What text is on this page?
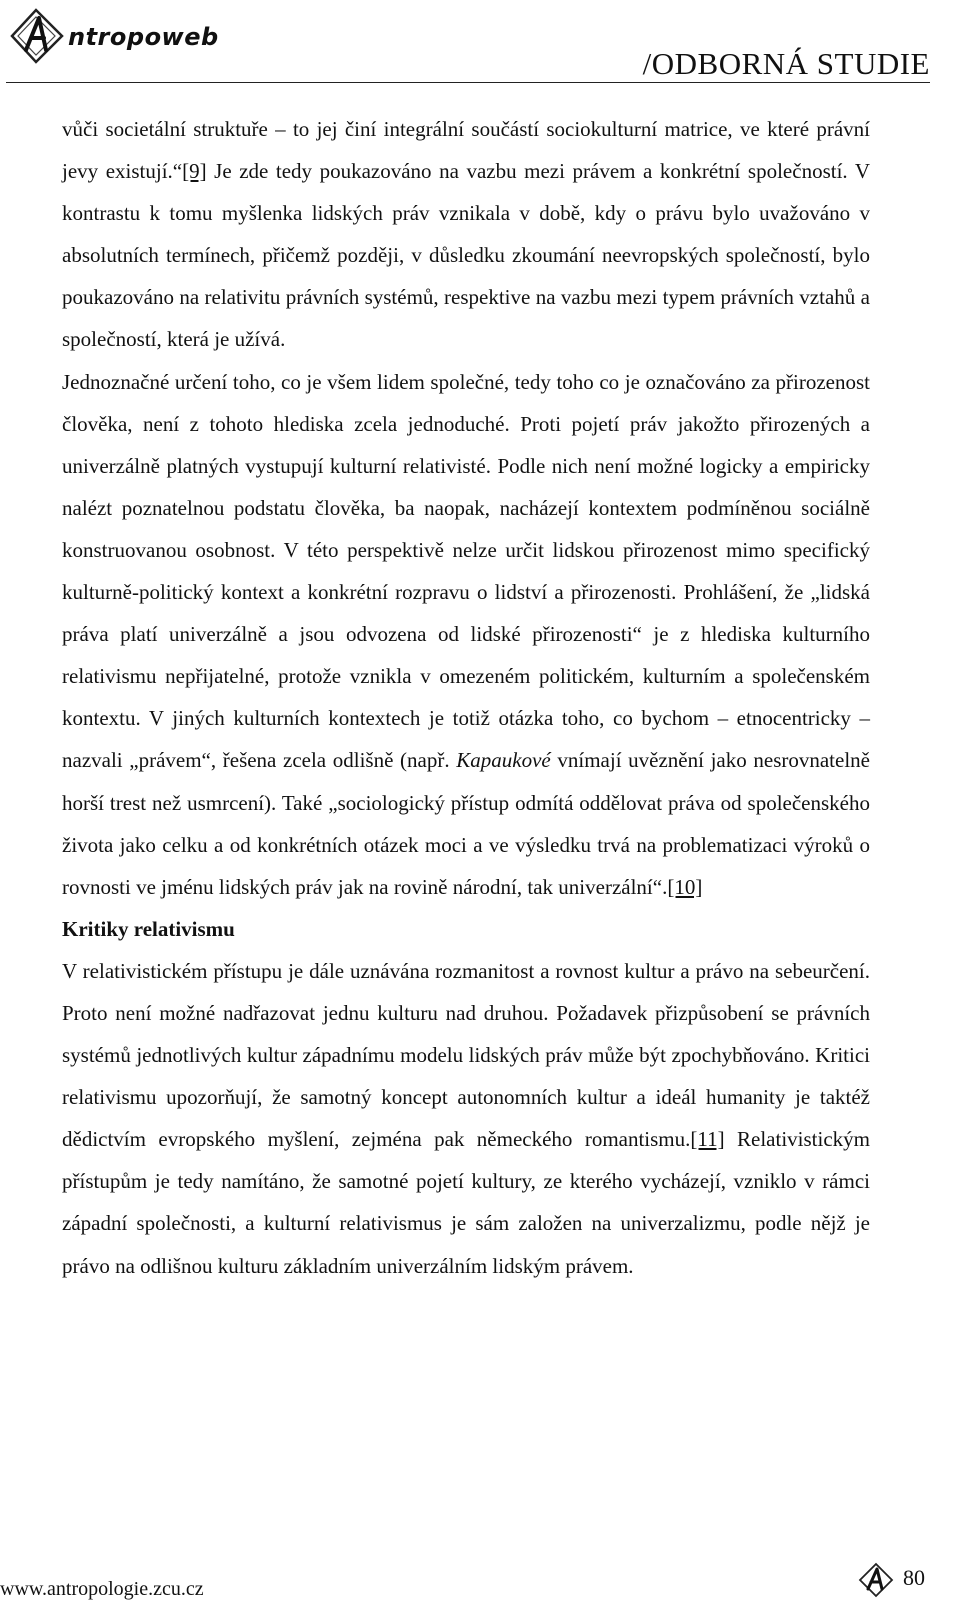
ntropoweb
/ODBORNÁ STUDIE

vůči societální struktuře – to jej činí integrální součástí sociokulturní matrice, ve které právní jevy existují.“[9] Je zde tedy poukazováno na vazbu mezi právem a konkrétní společností. V kontrastu k tomu myšlenka lidských práv vznikala v době, kdy o právu bylo uvažováno v absolutních termínech, přičemž později, v důsledku zkoumání neevropských společností, bylo poukazováno na relativitu právních systémů, respektive na vazbu mezi typem právních vztahů a společností, která je užívá.

Jednoznačné určení toho, co je všem lidem společné, tedy toho co je označováno za přirozenost člověka, není z tohoto hlediska zcela jednoduché. Proti pojetí práv jakožto přirozených a univerzálně platných vystupují kulturní relativisté. Podle nich není možné logicky a empiricky nalézt poznatelnou podstatu člověka, ba naopak, nacházejí kontextem podmíněnou sociálně konstruovanou osobnost. V této perspektivě nelze určit lidskou přirozenost mimo specifický kulturně-politický kontext a konkrétní rozpravu o lidství a přirozenosti. Prohlášení, že „lidská práva platí univerzálně a jsou odvozena od lidské přirozenosti“ je z hlediska kulturního relativismu nepřijatelné, protože vznikla v omezeném politickém, kulturním a společenském kontextu. V jiných kulturních kontextech je totiž otázka toho, co bychom – etnocentricky – nazvali „právem“, řešena zcela odlišně (např. Kapaukové vnímají uvěznění jako nesrovnatelně horší trest než usmrcení). Také „sociologický přístup odmítá oddělovat práva od společenského života jako celku a od konkrétních otázek moci a ve výsledku trvá na problematizaci výroků o rovnosti ve jménu lidských práv jak na rovině národní, tak univerzální“.[10]

Kritiky relativismu

V relativistickém přístupu je dále uznávána rozmanitost a rovnost kultur a právo na sebeurčení. Proto není možné nadřazovat jednu kulturu nad druhou. Požadavek přizpůsobení se právních systémů jednotlivých kultur západnímu modelu lidských práv může být zpochybňováno. Kritici relativismu upozorňují, že samotný koncept autonomních kultur a ideál humanity je taktéž dědictvím evropského myšlení, zejména pak německého romantismu.[11] Relativistickým přístupům je tedy namítáno, že samotné pojetí kultury, ze kterého vycházejí, vzniklo v rámci západní společnosti, a kulturní relativismus je sám založen na univerzalizmu, podle nějž je právo na odlišnou kulturu základním univerzálním lidským právem.

www.antropologie.zcu.cz	80
